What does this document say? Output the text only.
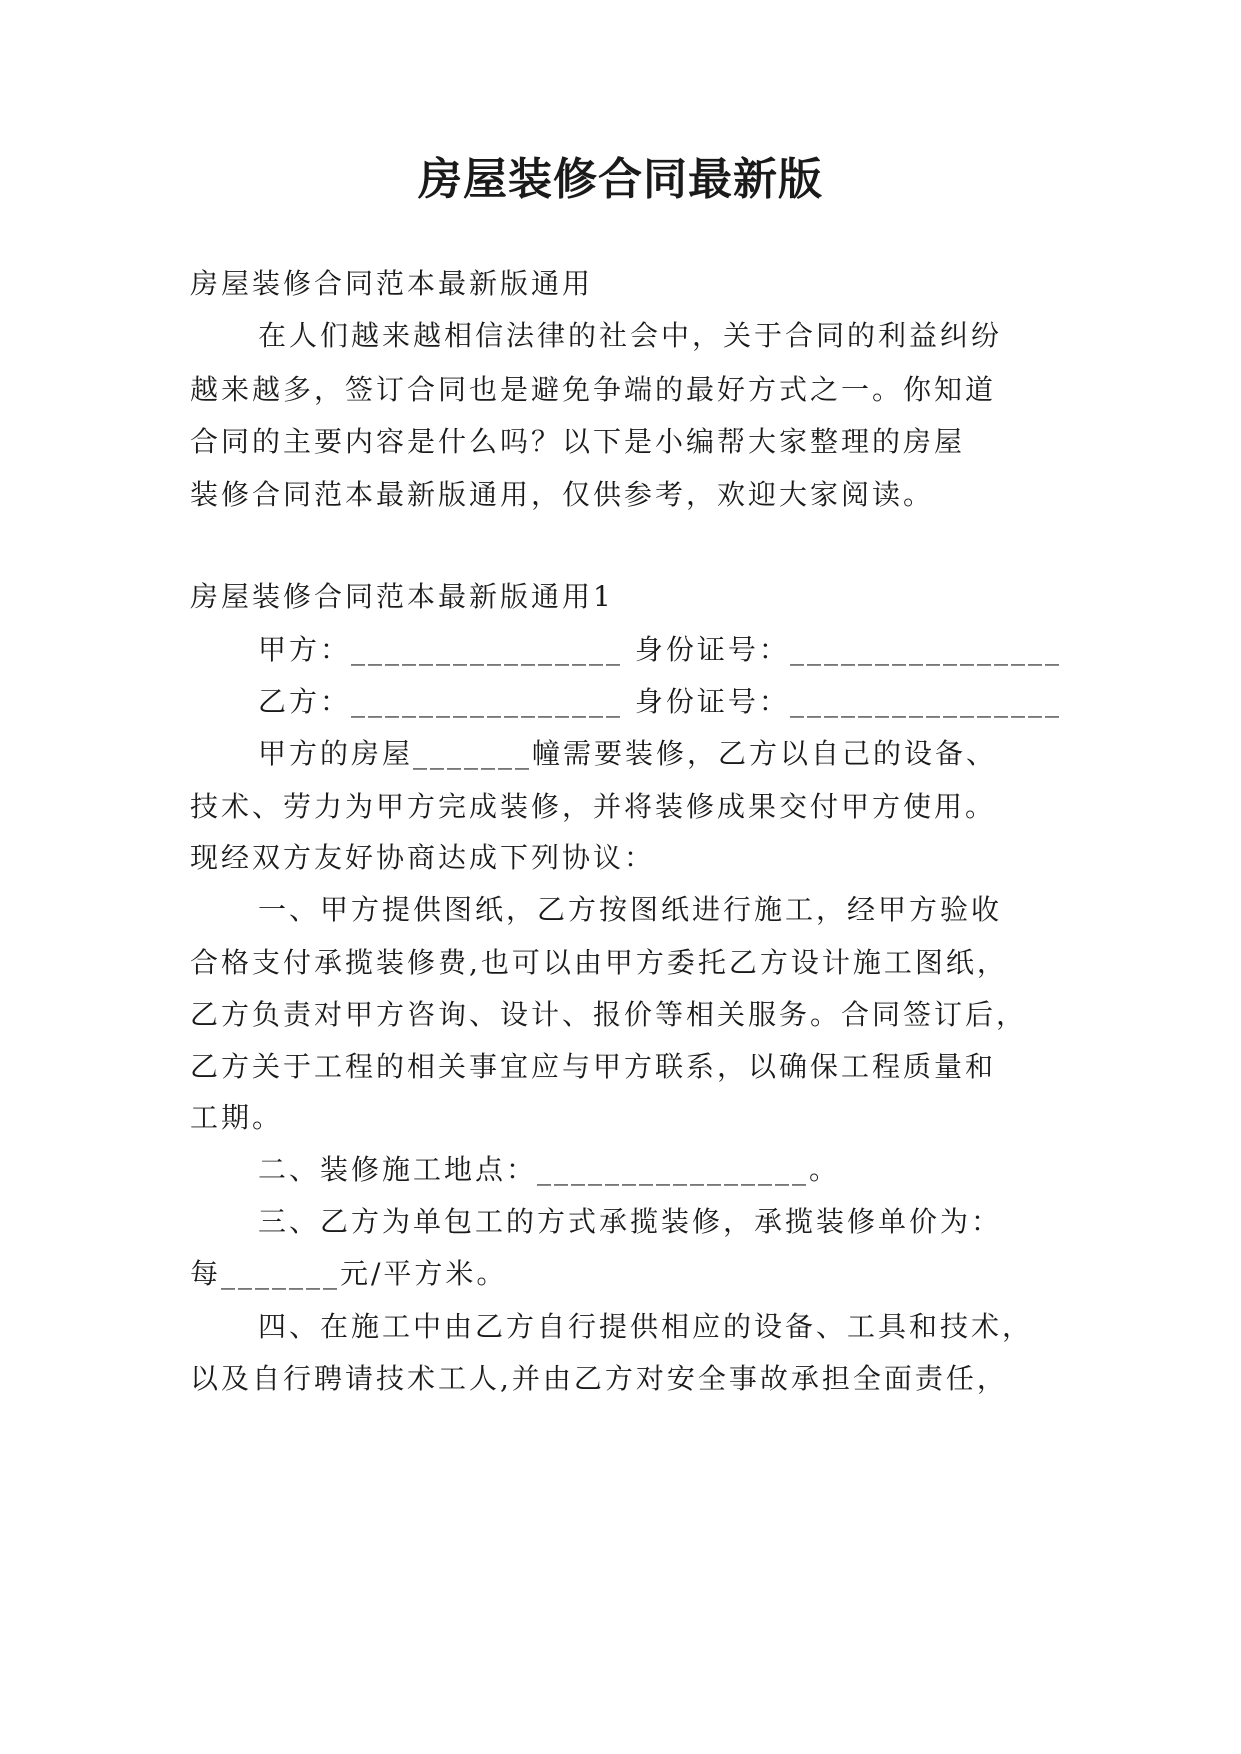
房屋装修合同最新版

房屋装修合同范本最新版通用

在人们越来越相信法律的社会中，关于合同的利益纠纷

越来越多，签订合同也是避免争端的最好方式之一。你知道

合同的主要内容是什么吗？以下是小编帮大家整理的房屋

装修合同范本最新版通用，仅供参考，欢迎大家阅读。

房屋装修合同范本最新版通用1

甲方：________________ 身份证号：________________

乙方：________________ 身份证号：________________

甲方的房屋_______幢需要装修，乙方以自己的设备、

技术、劳力为甲方完成装修，并将装修成果交付甲方使用。

现经双方友好协商达成下列协议：

一、甲方提供图纸，乙方按图纸进行施工，经甲方验收

合格支付承揽装修费,也可以由甲方委托乙方设计施工图纸，

乙方负责对甲方咨询、设计、报价等相关服务。合同签订后，

乙方关于工程的相关事宜应与甲方联系，以确保工程质量和

工期。

二、装修施工地点：________________。

三、乙方为单包工的方式承揽装修，承揽装修单价为：

每_______元/平方米。

四、在施工中由乙方自行提供相应的设备、工具和技术，

以及自行聘请技术工人,并由乙方对安全事故承担全面责任，
